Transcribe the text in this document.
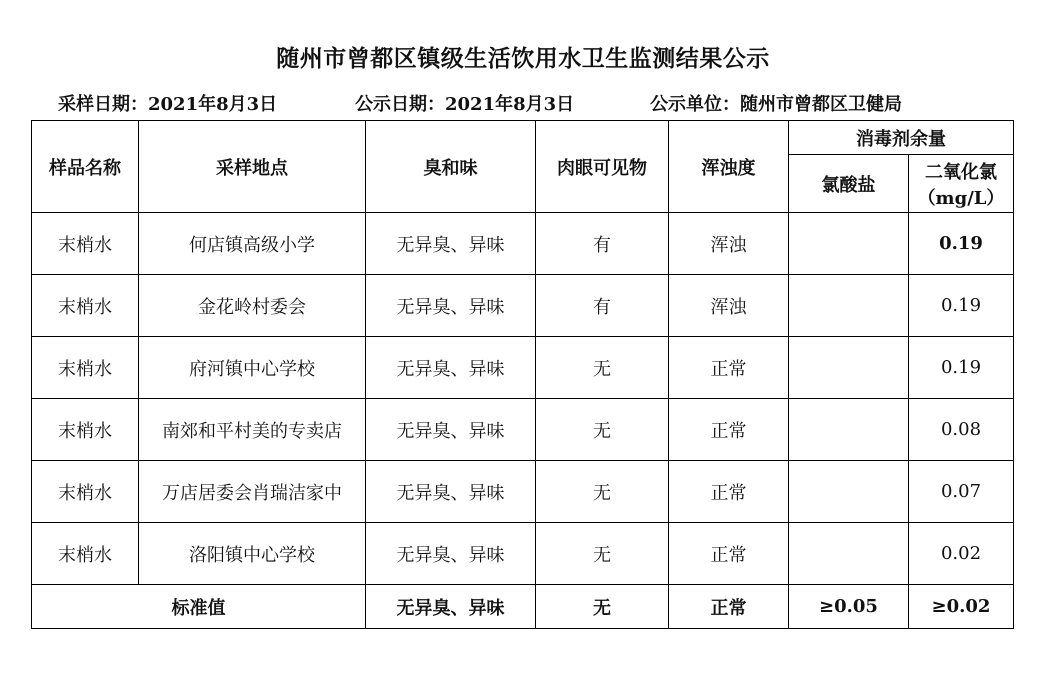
随州市曾都区镇级生活饮用水卫生监测结果公示
采样日期：2021年8月3日	公示日期：2021年8月3日	公示单位：随州市曾都区卫健局
样品名称	采样地点	臭和味	肉眼可见物	浑浊度	消毒剂余量	
					氯酸盐	二氧化氯
（mg/L）

末梢水	何店镇高级小学	无异臭、异味	有	浑浊		0.19
末梢水	金花岭村委会	无异臭、异味	有	浑浊		0.19
末梢水	府河镇中心学校	无异臭、异味	无	正常		0.19
末梢水	南郊和平村美的专卖店	无异臭、异味	无	正常		0.08
末梢水	万店居委会肖瑞洁家中	无异臭、异味	无	正常		0.07
末梢水	洛阳镇中心学校	无异臭、异味	无	正常		0.02
标准值		无异臭、异味	无	正常	≥0.05	≥0.02
